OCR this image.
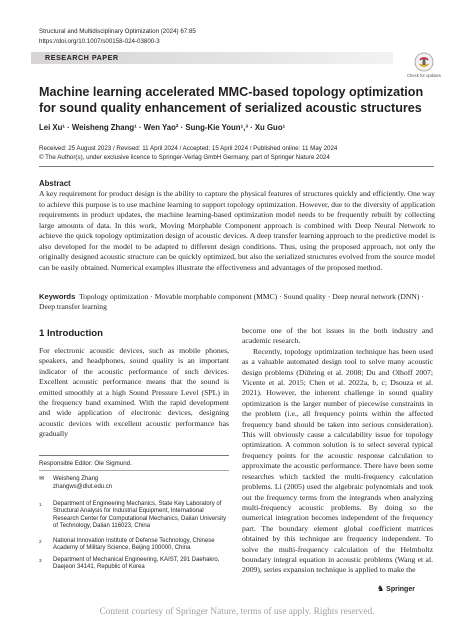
Structural and Multidisciplinary Optimization (2024) 67:85
https://doi.org/10.1007/s00158-024-03800-3
RESEARCH PAPER
Check for updates
Machine learning accelerated MMC-based topology optimization for sound quality enhancement of serialized acoustic structures
Lei Xu¹ · Weisheng Zhang¹ · Wen Yao² · Sung-Kie Youn¹,³ · Xu Guo¹
Received: 25 August 2023 / Revised: 11 April 2024 / Accepted: 15 April 2024 / Published online: 11 May 2024
© The Author(s), under exclusive licence to Springer-Verlag GmbH Germany, part of Springer Nature 2024
Abstract
A key requirement for product design is the ability to capture the physical features of structures quickly and efficiently. One way to achieve this purpose is to use machine learning to support topology optimization. However, due to the diversity of application requirements in product updates, the machine learning-based optimization model needs to be frequently rebuilt by collecting large amounts of data. In this work, Moving Morphable Component approach is combined with Deep Neural Network to achieve the quick topology optimization design of acoustic devices. A deep transfer learning approach to the predictive model is also developed for the model to be adapted to different design conditions. Thus, using the proposed approach, not only the originally designed acoustic structure can be quickly optimized, but also the serialized structures evolved from the source model can be easily obtained. Numerical examples illustrate the effectiveness and advantages of the proposed method.
Keywords Topology optimization · Movable morphable component (MMC) · Sound quality · Deep neural network (DNN) · Deep transfer learning
1 Introduction
For electronic acoustic devices, such as mobile phones, speakers, and headphones, sound quality is an important indicator of the acoustic performance of such devices. Excellent acoustic performance means that the sound is emitted smoothly at a high Sound Pressure Level (SPL) in the frequency band examined. With the rapid development and wide application of electronic devices, designing acoustic devices with excellent acoustic performance has gradually
Responsible Editor: Ole Sigmund.
✉ Weisheng Zhang
zhangws@dlut.edu.cn
1 Department of Engineering Mechanics, State Key Laboratory of Structural Analysis for Industrial Equipment, International Research Center for Computational Mechanics, Dalian University of Technology, Dalian 116023, China
2 National Innovation Institute of Defense Technology, Chinese Academy of Military Science, Beijing 100000, China
3 Department of Mechanical Engineering, KAIST, 291 Daehakro, Daejeon 34141, Republic of Korea

become one of the hot issues in the both industry and academic research.

Recently, topology optimization technique has been used as a valuable automated design tool to solve many acoustic design problems (Dühring et al. 2008; Du and Olhoff 2007; Vicente et al. 2015; Chen et al. 2022a, b, c; Dsouza et al. 2021). However, the inherent challenge in sound quality optimization is the larger number of piecewise constraints in the problem (i.e., all frequency points within the affected frequency band should be taken into serious consideration). This will obviously cause a calculability issue for topology optimization. A common solution is to select several typical frequency points for the acoustic response calculation to approximate the acoustic performance. There have been some researches which tackled the multi-frequency calculation problems. Li (2005) used the algebraic polynomials and took out the frequency terms from the integrands when analyzing multi-frequency acoustic problems. By doing so the numerical integration becomes independent of the frequency part. The boundary element global coefficient matrices obtained by this technique are frequency independent. To solve the multi-frequency calculation of the Helmholtz boundary integral equation in acoustic problems (Wang et al. 2009), series expansion technique is applied to make the

♞ Springer
Content courtesy of Springer Nature, terms of use apply. Rights reserved.
